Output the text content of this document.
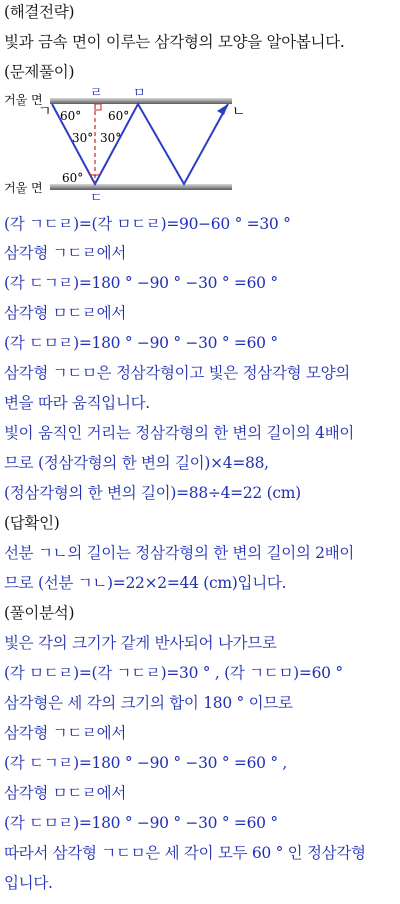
(해결전략)
빛과 금속 면이 이루는 삼각형의 모양을 알아봅니다.
(문제풀이)
거울 면
거울 면
ㄱ
ㄹ ㅁ
ㄴ
ㄷ
60° 60°
30° 30°
60°
(각 ㄱㄷㄹ)=(각 ㅁㄷㄹ)=90−60 ° =30 °
삼각형 ㄱㄷㄹ에서
(각 ㄷㄱㄹ)=180 ° −90 ° −30 ° =60 °
삼각형 ㅁㄷㄹ에서
(각 ㄷㅁㄹ)=180 ° −90 ° −30 ° =60 °
삼각형 ㄱㄷㅁ은 정삼각형이고 빛은 정삼각형 모양의
변을 따라 움직입니다.
빛이 움직인 거리는 정삼각형의 한 변의 길이의 4배이
므로 (정삼각형의 한 변의 길이)×4=88,
(정삼각형의 한 변의 길이)=88÷4=22 (cm)
(답확인)
선분 ㄱㄴ의 길이는 정삼각형의 한 변의 길이의 2배이
므로 (선분 ㄱㄴ)=22×2=44 (cm)입니다.
(풀이분석)
빛은 각의 크기가 같게 반사되어 나가므로
(각 ㅁㄷㄹ)=(각 ㄱㄷㄹ)=30 ° , (각 ㄱㄷㅁ)=60 °
삼각형은 세 각의 크기의 합이 180 ° 이므로
삼각형 ㄱㄷㄹ에서
(각 ㄷㄱㄹ)=180 ° −90 ° −30 ° =60 ° ,
삼각형 ㅁㄷㄹ에서
(각 ㄷㅁㄹ)=180 ° −90 ° −30 ° =60 °
따라서 삼각형 ㄱㄷㅁ은 세 각이 모두 60 ° 인 정삼각형
입니다.
